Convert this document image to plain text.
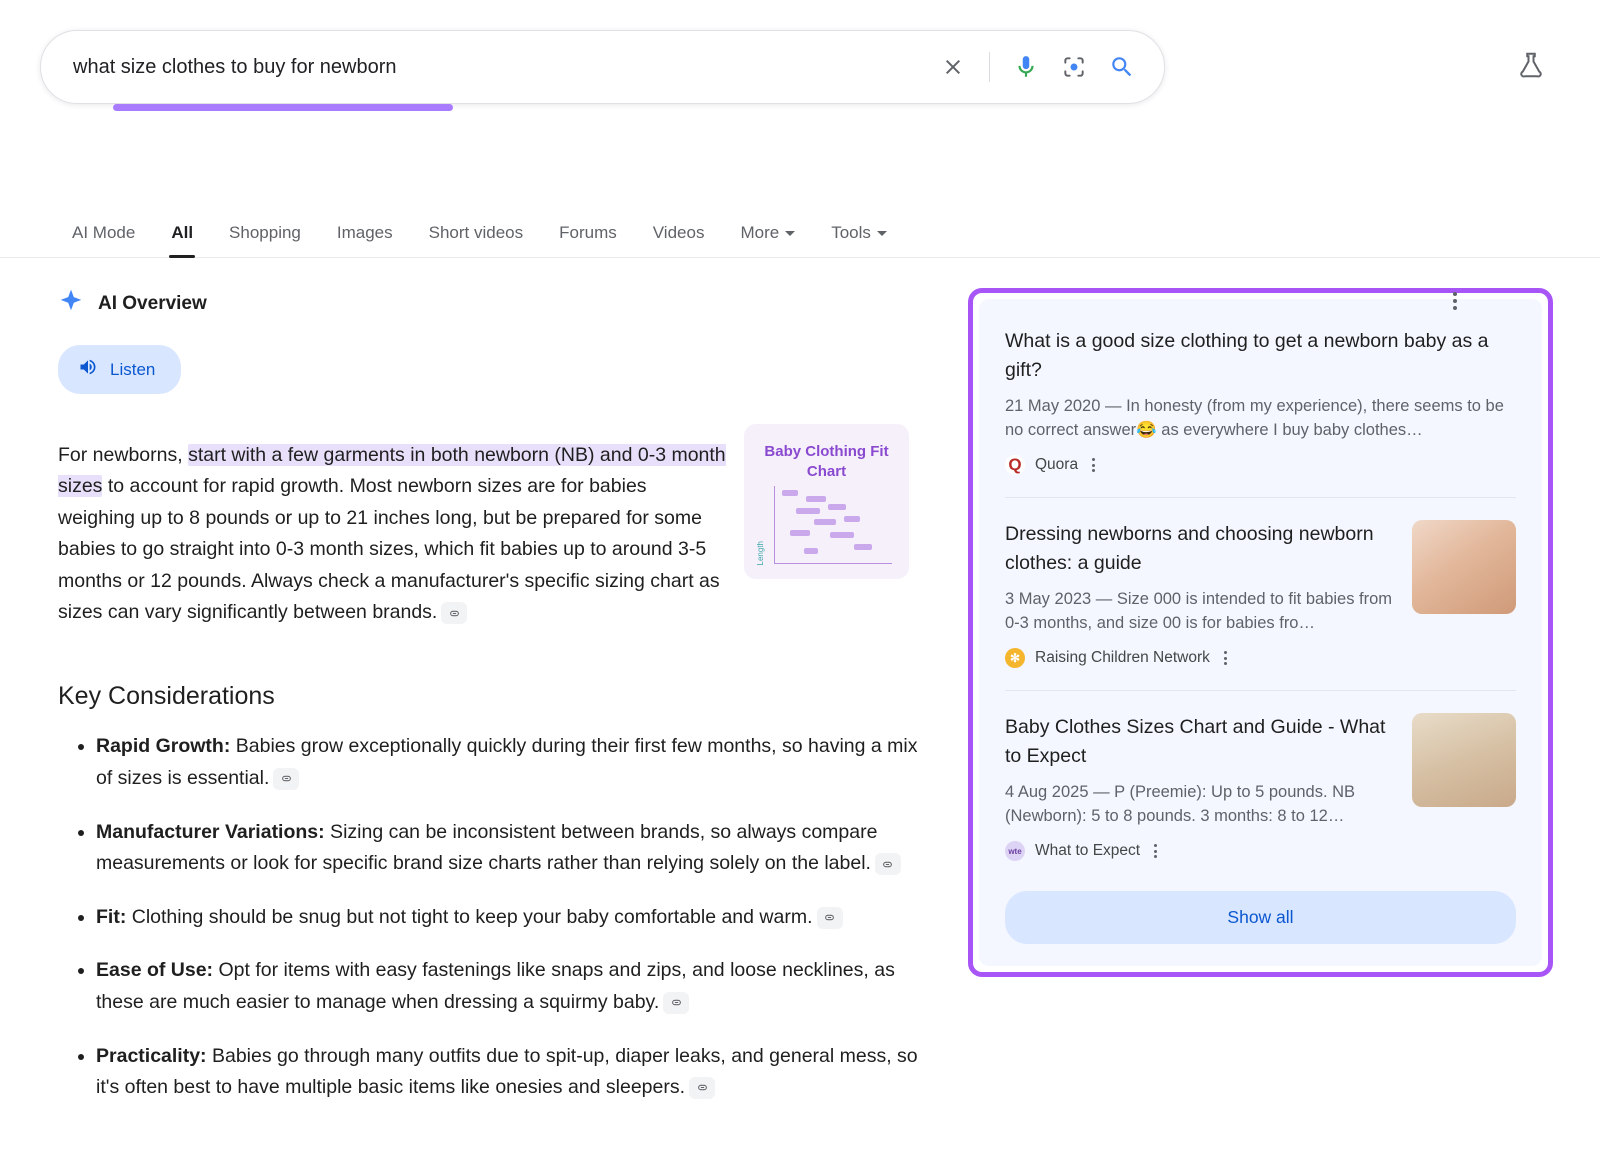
what size clothes to buy for newborn
AI Mode	All	Shopping	Images	Short videos	Forums	Videos	More	Tools
AI Overview
Listen

For newborns, start with a few garments in both newborn (NB) and 0-3 month sizes to account for rapid growth. Most newborn sizes are for babies weighing up to 8 pounds or up to 21 inches long, but be prepared for some babies to go straight into 0-3 month sizes, which fit babies up to around 3-5 months or 12 pounds. Always check a manufacturer's specific sizing chart as sizes can vary significantly between brands.

Baby Clothing Fit Chart
Length
Key Considerations
• Rapid Growth: Babies grow exceptionally quickly during their first few months, so having a mix of sizes is essential.
• Manufacturer Variations: Sizing can be inconsistent between brands, so always compare measurements or look for specific brand size charts rather than relying solely on the label.
• Fit: Clothing should be snug but not tight to keep your baby comfortable and warm.
• Ease of Use: Opt for items with easy fastenings like snaps and zips, and loose necklines, as these are much easier to manage when dressing a squirmy baby.
• Practicality: Babies go through many outfits due to spit-up, diaper leaks, and general mess, so it's often best to have multiple basic items like onesies and sleepers.
What is a good size clothing to get a newborn baby as a gift?
21 May 2020 — In honesty (from my experience), there seems to be no correct answer😂 as everywhere I buy baby clothes…
Q Quora
Dressing newborns and choosing newborn clothes: a guide
3 May 2023 — Size 000 is intended to fit babies from 0-3 months, and size 00 is for babies fro…
✻ Raising Children Network
Baby Clothes Sizes Chart and Guide - What to Expect
4 Aug 2025 — P (Preemie): Up to 5 pounds. NB (Newborn): 5 to 8 pounds. 3 months: 8 to 12…
wte What to Expect
Show all
